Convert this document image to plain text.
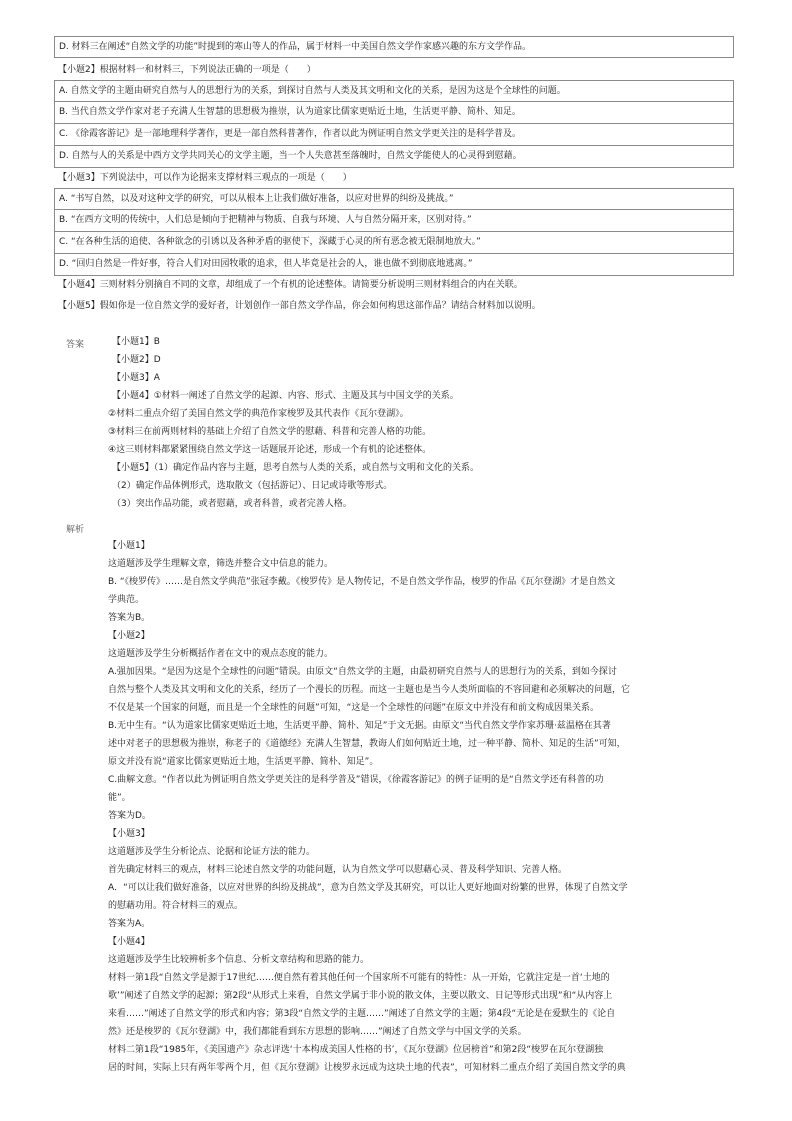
D. 材料三在阐述“自然文学的功能”时提到的寒山等人的作品，属于材料一中美国自然文学作家感兴趣的东方文学作品。
【小题2】根据材料一和材料三，下列说法正确的一项是（　　）
A. 自然文学的主题由研究自然与人的思想行为的关系，到探讨自然与人类及其文明和文化的关系，是因为这是个全球性的问题。
B. 当代自然文学作家对老子充满人生智慧的思想极为推崇，认为道家比儒家更贴近土地，生活更平静、简朴、知足。
C. 《徐霞客游记》是一部地理科学著作，更是一部自然科普著作，作者以此为例证明自然文学更关注的是科学普及。
D. 自然与人的关系是中西方文学共同关心的文学主题，当一个人失意甚至落魄时，自然文学能使人的心灵得到慰藉。
【小题3】下列说法中，可以作为论据来支撑材料三观点的一项是（　　）
A. “书写自然，以及对这种文学的研究，可以从根本上让我们做好准备，以应对世界的纠纷及挑战。”
B. “在西方文明的传统中，人们总是倾向于把精神与物质、自我与环境、人与自然分隔开来，区别对待。”
C. “在各种生活的追使、各种欲念的引诱以及各种矛盾的驱使下，深藏于心灵的所有恶念被无限制地放大。”
D. “回归自然是一件好事，符合人们对田园牧歌的追求，但人毕竟是社会的人，谁也做不到彻底地逃离。”
【小题4】三则材料分别摘自不同的文章，却组成了一个有机的论述整体。请简要分析说明三则材料组合的内在关联。
【小题5】假如你是一位自然文学的爱好者，计划创作一部自然文学作品，你会如何构思这部作品？请结合材料加以说明。
答案	【小题1】B
【小题2】D
【小题3】A
【小题4】①材料一阐述了自然文学的起源、内容、形式、主题及其与中国文学的关系。
②材料二重点介绍了美国自然文学的典范作家梭罗及其代表作《瓦尔登湖》。
③材料三在前两则材料的基础上介绍了自然文学的慰藉、科普和完善人格的功能。
④这三则材料都紧紧围绕自然文学这一话题展开论述，形成一个有机的论述整体。
【小题5】（1）确定作品内容与主题，思考自然与人类的关系，或自然与文明和文化的关系。
（2）确定作品体例形式，选取散文（包括游记）、日记或诗歌等形式。
（3）突出作品功能，或者慰藉，或者科普，或者完善人格。
解析
【小题1】
这道题涉及学生理解文章，筛选并整合文中信息的能力。
B. “《梭罗传》……是自然文学典范”张冠李戴。《梭罗传》是人物传记，不是自然文学作品，梭罗的作品《瓦尔登湖》才是自然文
学典范。
答案为B。
【小题2】
这道题涉及学生分析概括作者在文中的观点态度的能力。
A.强加因果。“是因为这是个全球性的问题”错误。由原文“自然文学的主题，由最初研究自然与人的思想行为的关系，到如今探讨
自然与整个人类及其文明和文化的关系，经历了一个漫长的历程。而这一主题也是当今人类所面临的不容回避和必须解决的问题，它
不仅是某一个国家的问题，而且是一个全球性的问题”可知，“这是一个全球性的问题”在原文中并没有和前文构成因果关系。
B.无中生有。“认为道家比儒家更贴近土地，生活更平静、简朴、知足”于文无据。由原文“当代自然文学作家苏珊·兹温格在其著
述中对老子的思想极为推崇，称老子的《道德经》充满人生智慧，教诲人们如何贴近土地，过一种平静、简朴、知足的生活”可知，
原文并没有说“道家比儒家更贴近土地，生活更平静、简朴、知足”。
C.曲解文意。“作者以此为例证明自然文学更关注的是科学普及”错误，《徐霞客游记》的例子证明的是“自然文学还有科普的功
能”。
答案为D。
【小题3】
这道题涉及学生分析论点、论据和论证方法的能力。
首先确定材料三的观点，材料三论述自然文学的功能问题，认为自然文学可以慰藉心灵、普及科学知识、完善人格。
A．“可以让我们做好准备，以应对世界的纠纷及挑战”，意为自然文学及其研究，可以让人更好地面对纷繁的世界，体现了自然文学
的慰藉功用。符合材料三的观点。
答案为A。
【小题4】
这道题涉及学生比较辨析多个信息、分析文章结构和思路的能力。
材料一第1段“自然文学是源于17世纪……便自然有着其他任何一个国家所不可能有的特性：从一开始，它就注定是一首‘土地的
歌’”阐述了自然文学的起源；第2段“从形式上来看，自然文学属于非小说的散文体，主要以散文、日记等形式出现”和“从内容上
来看……”阐述了自然文学的形式和内容；第3段“自然文学的主题……”阐述了自然文学的主题；第4段“无论是在爱默生的《论自
然》还是梭罗的《瓦尔登湖》中，我们都能看到东方思想的影响……”阐述了自然文学与中国文学的关系。
材料二第1段“1985年，《美国遗产》杂志评选‘十本构成美国人性格的书’，《瓦尔登湖》位居榜首”和第2段“梭罗在瓦尔登湖独
居的时间，实际上只有两年零两个月，但《瓦尔登湖》让梭罗永远成为这块土地的代表”，可知材料二重点介绍了美国自然文学的典
